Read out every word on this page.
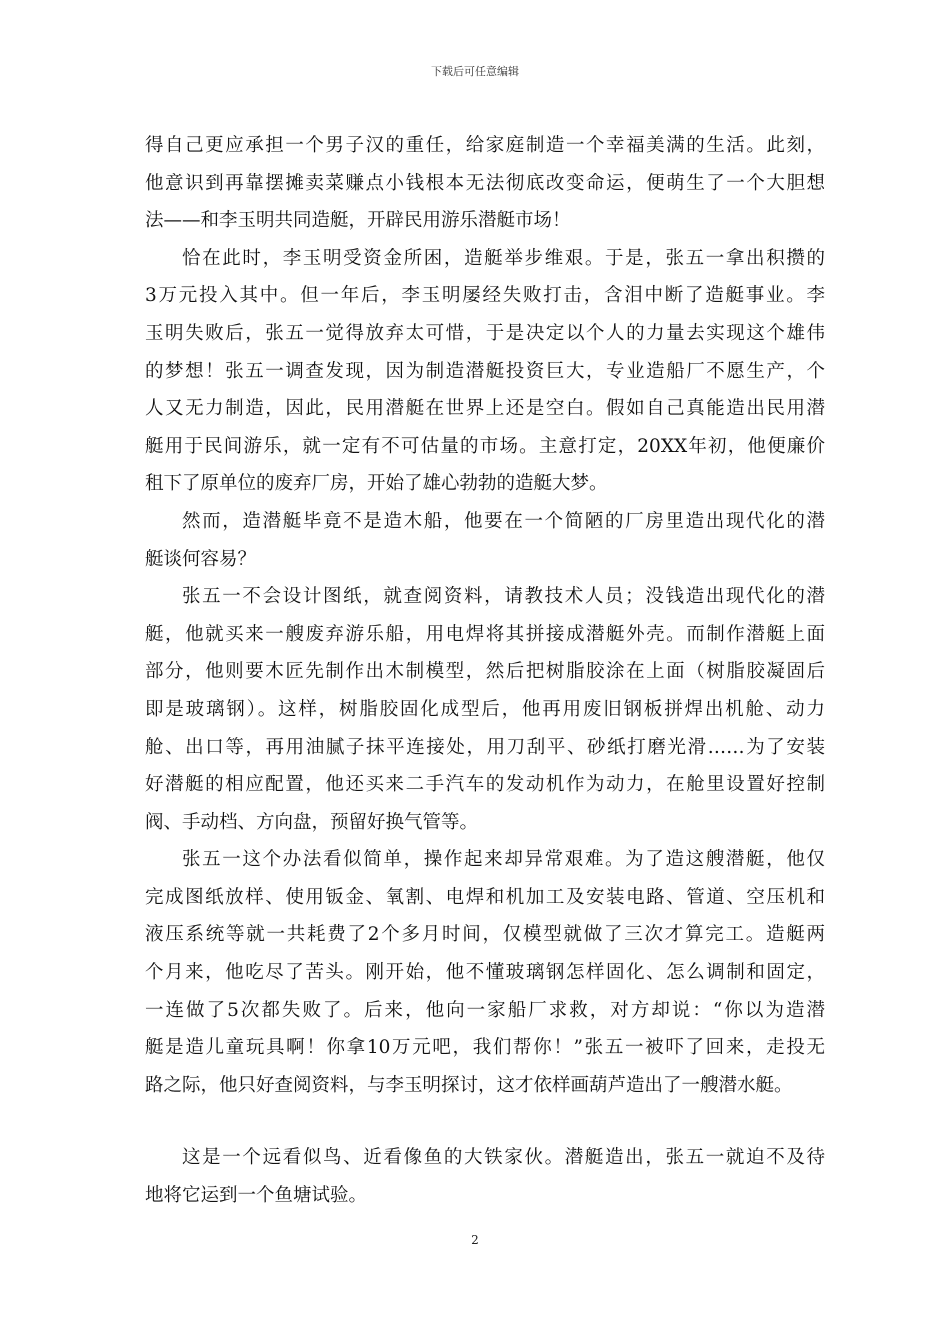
下载后可任意编辑
得自己更应承担一个男子汉的重任，给家庭制造一个幸福美满的生活。此刻，
他意识到再靠摆摊卖菜赚点小钱根本无法彻底改变命运，便萌生了一个大胆想
法——和李玉明共同造艇，开辟民用游乐潜艇市场！
恰在此时，李玉明受资金所困，造艇举步维艰。于是，张五一拿出积攒的
3万元投入其中。但一年后，李玉明屡经失败打击，含泪中断了造艇事业。李
玉明失败后，张五一觉得放弃太可惜，于是决定以个人的力量去实现这个雄伟
的梦想！张五一调查发现，因为制造潜艇投资巨大，专业造船厂不愿生产，个
人又无力制造，因此，民用潜艇在世界上还是空白。假如自己真能造出民用潜
艇用于民间游乐，就一定有不可估量的市场。主意打定，20XX年初，他便廉价
租下了原单位的废弃厂房，开始了雄心勃勃的造艇大梦。
然而，造潜艇毕竟不是造木船，他要在一个简陋的厂房里造出现代化的潜
艇谈何容易？
张五一不会设计图纸，就查阅资料，请教技术人员；没钱造出现代化的潜
艇，他就买来一艘废弃游乐船，用电焊将其拼接成潜艇外壳。而制作潜艇上面
部分，他则要木匠先制作出木制模型，然后把树脂胶涂在上面（树脂胶凝固后
即是玻璃钢）。这样，树脂胶固化成型后，他再用废旧钢板拼焊出机舱、动力
舱、出口等，再用油腻子抹平连接处，用刀刮平、砂纸打磨光滑……为了安装
好潜艇的相应配置，他还买来二手汽车的发动机作为动力，在舱里设置好控制
阀、手动档、方向盘，预留好换气管等。
张五一这个办法看似简单，操作起来却异常艰难。为了造这艘潜艇，他仅
完成图纸放样、使用钣金、氧割、电焊和机加工及安装电路、管道、空压机和
液压系统等就一共耗费了2个多月时间，仅模型就做了三次才算完工。造艇两
个月来，他吃尽了苦头。刚开始，他不懂玻璃钢怎样固化、怎么调制和固定，
一连做了5次都失败了。后来，他向一家船厂求救，对方却说：“你以为造潜
艇是造儿童玩具啊！你拿10万元吧，我们帮你！”张五一被吓了回来，走投无
路之际，他只好查阅资料，与李玉明探讨，这才依样画葫芦造出了一艘潜水艇。
这是一个远看似鸟、近看像鱼的大铁家伙。潜艇造出，张五一就迫不及待
地将它运到一个鱼塘试验。
2
